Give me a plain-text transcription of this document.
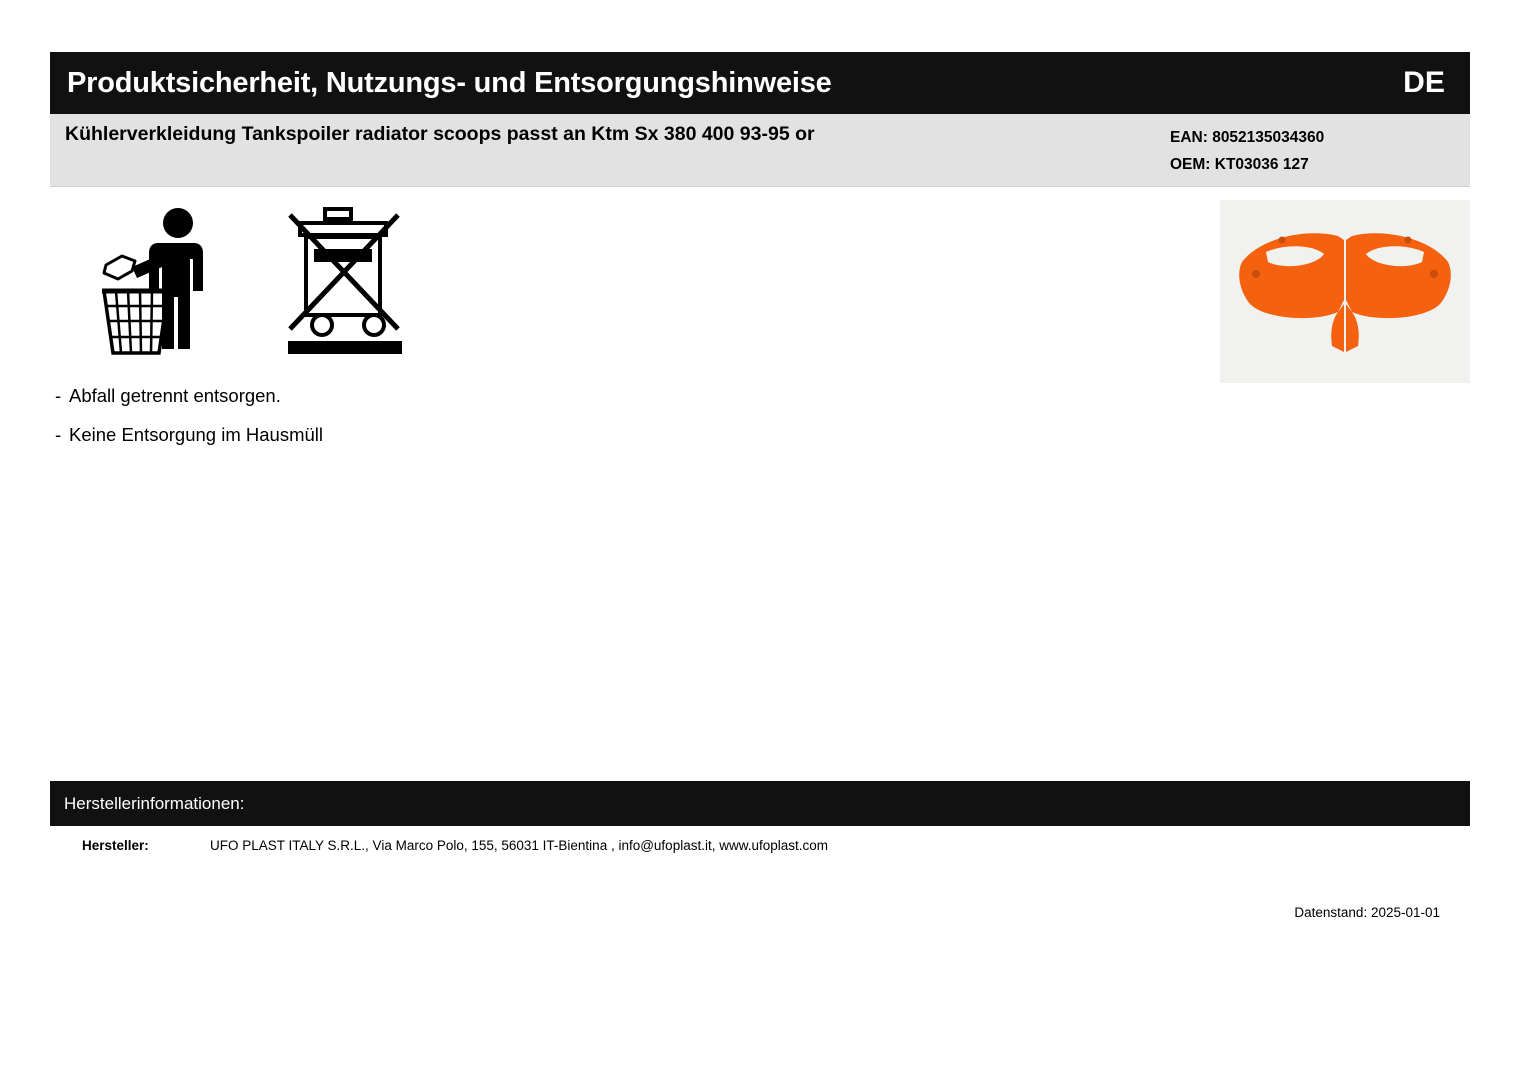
Produktsicherheit, Nutzungs- und Entsorgungshinweise	DE
Kühlerverkleidung Tankspoiler radiator scoops passt an Ktm Sx 380 400 93-95 or	EAN: 8052135034360
OEM: KT03036 127
- Abfall getrennt entsorgen.
- Keine Entsorgung im Hausmüll
Herstellerinformationen:
Hersteller:	UFO PLAST ITALY S.R.L., Via Marco Polo, 155, 56031 IT-Bientina , info@ufoplast.it, www.ufoplast.com
Datenstand: 2025-01-01
